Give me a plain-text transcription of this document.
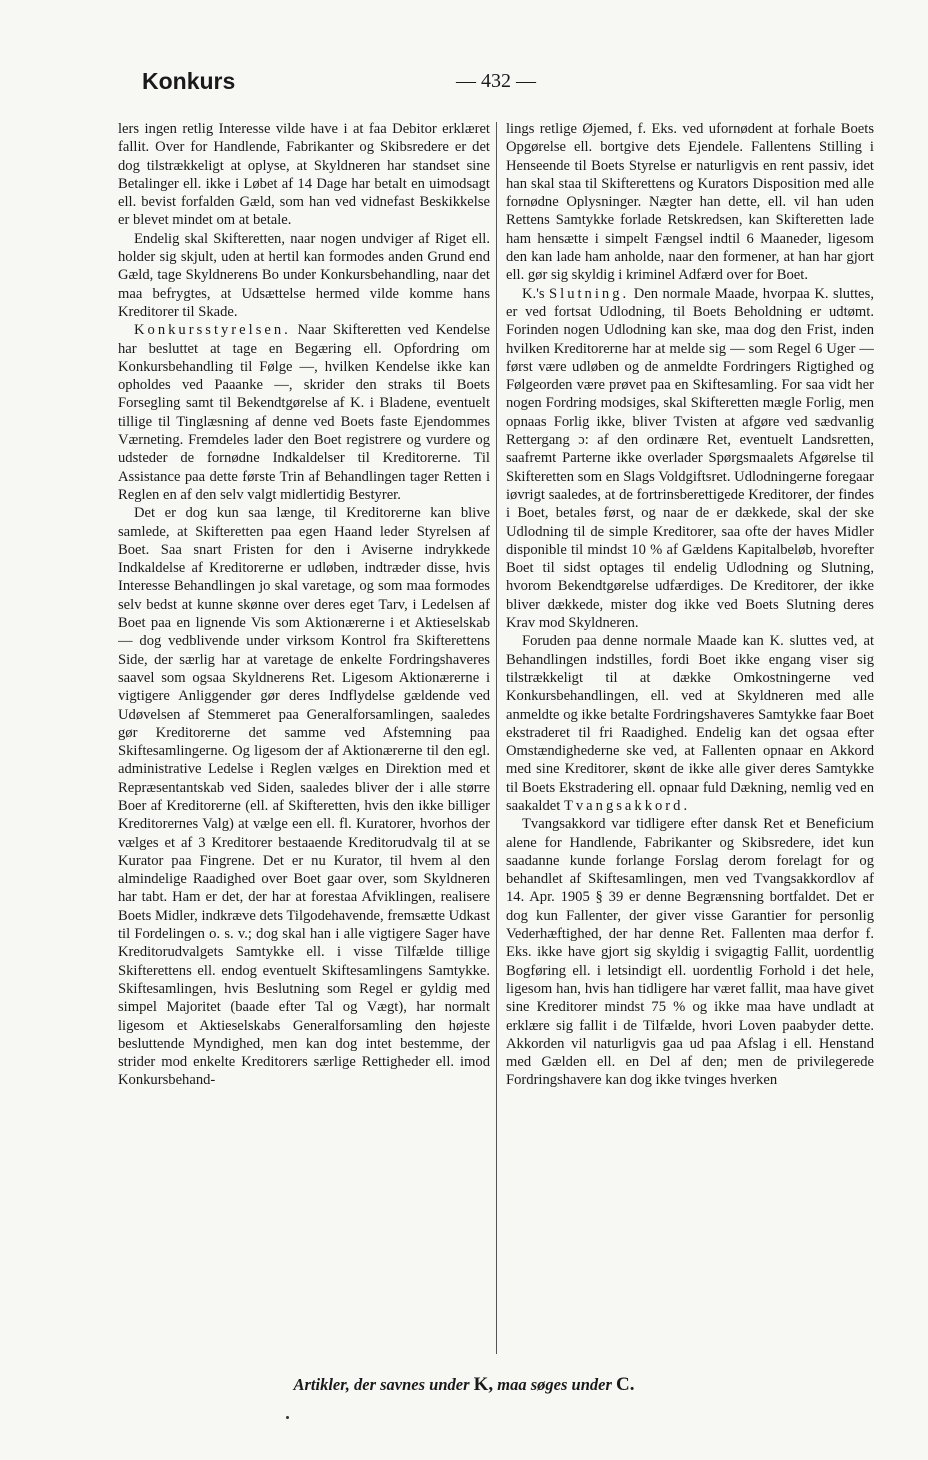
Konkurs	— 432 —

lers ingen retlig Interesse vilde have i at faa Debitor erklæret fallit. Over for Handlende, Fabrikanter og Skibsredere er det dog tilstrækkeligt at oplyse, at Skyldneren har standset sine Betalinger ell. ikke i Løbet af 14 Dage har betalt en uimodsagt ell. bevist forfalden Gæld, som han ved vidnefast Beskikkelse er blevet mindet om at betale.

Endelig skal Skifteretten, naar nogen undviger af Riget ell. holder sig skjult, uden at hertil kan formodes anden Grund end Gæld, tage Skyldnerens Bo under Konkursbehandling, naar det maa befrygtes, at Udsættelse hermed vilde komme hans Kreditorer til Skade.

Konkursstyrelsen. Naar Skifteretten ved Kendelse har besluttet at tage en Begæring ell. Opfordring om Konkursbehandling til Følge —, hvilken Kendelse ikke kan opholdes ved Paaanke —, skrider den straks til Boets Forsegling samt til Bekendtgørelse af K. i Bladene, eventuelt tillige til Tinglæsning af denne ved Boets faste Ejendommes Værneting. Fremdeles lader den Boet registrere og vurdere og udsteder de fornødne Indkaldelser til Kreditorerne. Til Assistance paa dette første Trin af Behandlingen tager Retten i Reglen en af den selv valgt midlertidig Bestyrer.

Det er dog kun saa længe, til Kreditorerne kan blive samlede, at Skifteretten paa egen Haand leder Styrelsen af Boet. Saa snart Fristen for den i Aviserne indrykkede Indkaldelse af Kreditorerne er udløben, indtræder disse, hvis Interesse Behandlingen jo skal varetage, og som maa formodes selv bedst at kunne skønne over deres eget Tarv, i Ledelsen af Boet paa en lignende Vis som Aktionærerne i et Aktieselskab — dog vedblivende under virksom Kontrol fra Skifterettens Side, der særlig har at varetage de enkelte Fordringshaveres saavel som ogsaa Skyldnerens Ret. Ligesom Aktionærerne i vigtigere Anliggender gør deres Indflydelse gældende ved Udøvelsen af Stemmeret paa Generalforsamlingen, saaledes gør Kreditorerne det samme ved Afstemning paa Skiftesamlingerne. Og ligesom der af Aktionærerne til den egl. administrative Ledelse i Reglen vælges en Direktion med et Repræsentantskab ved Siden, saaledes bliver der i alle større Boer af Kreditorerne (ell. af Skifteretten, hvis den ikke billiger Kreditorernes Valg) at vælge een ell. fl. Kuratorer, hvorhos der vælges et af 3 Kreditorer bestaaende Kreditorudvalg til at se Kurator paa Fingrene. Det er nu Kurator, til hvem al den almindelige Raadighed over Boet gaar over, som Skyldneren har tabt. Ham er det, der har at forestaa Afviklingen, realisere Boets Midler, indkræve dets Tilgodehavende, fremsætte Udkast til Fordelingen o. s. v.; dog skal han i alle vigtigere Sager have Kreditorudvalgets Samtykke ell. i visse Tilfælde tillige Skifterettens ell. endog eventuelt Skiftesamlingens Samtykke. Skiftesamlingen, hvis Beslutning som Regel er gyldig med simpel Majoritet (baade efter Tal og Vægt), har normalt ligesom et Aktieselskabs Generalforsamling den højeste besluttende Myndighed, men kan dog intet bestemme, der strider mod enkelte Kreditorers særlige Rettigheder ell. imod Konkursbehand-

lings retlige Øjemed, f. Eks. ved ufornødent at forhale Boets Opgørelse ell. bortgive dets Ejendele. Fallentens Stilling i Henseende til Boets Styrelse er naturligvis en rent passiv, idet han skal staa til Skifterettens og Kurators Disposition med alle fornødne Oplysninger. Nægter han dette, ell. vil han uden Rettens Samtykke forlade Retskredsen, kan Skifteretten lade ham hensætte i simpelt Fængsel indtil 6 Maaneder, ligesom den kan lade ham anholde, naar den formener, at han har gjort ell. gør sig skyldig i kriminel Adfærd over for Boet.

K.'s Slutning. Den normale Maade, hvorpaa K. sluttes, er ved fortsat Udlodning, til Boets Beholdning er udtømt. Forinden nogen Udlodning kan ske, maa dog den Frist, inden hvilken Kreditorerne har at melde sig — som Regel 6 Uger — først være udløben og de anmeldte Fordringers Rigtighed og Følgeorden være prøvet paa en Skiftesamling. For saa vidt her nogen Fordring modsiges, skal Skifteretten mægle Forlig, men opnaas Forlig ikke, bliver Tvisten at afgøre ved sædvanlig Rettergang ɔ: af den ordinære Ret, eventuelt Landsretten, saafremt Parterne ikke overlader Spørgsmaalets Afgørelse til Skifteretten som en Slags Voldgiftsret. Udlodningerne foregaar iøvrigt saaledes, at de fortrinsberettigede Kreditorer, der findes i Boet, betales først, og naar de er dækkede, skal der ske Udlodning til de simple Kreditorer, saa ofte der haves Midler disponible til mindst 10 % af Gældens Kapitalbeløb, hvorefter Boet til sidst optages til endelig Udlodning og Slutning, hvorom Bekendtgørelse udfærdiges. De Kreditorer, der ikke bliver dækkede, mister dog ikke ved Boets Slutning deres Krav mod Skyldneren.

Foruden paa denne normale Maade kan K. sluttes ved, at Behandlingen indstilles, fordi Boet ikke engang viser sig tilstrækkeligt til at dække Omkostningerne ved Konkursbehandlingen, ell. ved at Skyldneren med alle anmeldte og ikke betalte Fordringshaveres Samtykke faar Boet ekstraderet til fri Raadighed. Endelig kan det ogsaa efter Omstændighederne ske ved, at Fallenten opnaar en Akkord med sine Kreditorer, skønt de ikke alle giver deres Samtykke til Boets Ekstradering ell. opnaar fuld Dækning, nemlig ved en saakaldet Tvangsakkord.

Tvangsakkord var tidligere efter dansk Ret et Beneficium alene for Handlende, Fabrikanter og Skibsredere, idet kun saadanne kunde forlange Forslag derom forelagt for og behandlet af Skiftesamlingen, men ved Tvangsakkordlov af 14. Apr. 1905 § 39 er denne Begrænsning bortfaldet. Det er dog kun Fallenter, der giver visse Garantier for personlig Vederhæftighed, der har denne Ret. Fallenten maa derfor f. Eks. ikke have gjort sig skyldig i svigagtig Fallit, uordentlig Bogføring ell. i letsindigt ell. uordentlig Forhold i det hele, ligesom han, hvis han tidligere har været fallit, maa have givet sine Kreditorer mindst 75 % og ikke maa have undladt at erklære sig fallit i de Tilfælde, hvori Loven paabyder dette. Akkorden vil naturligvis gaa ud paa Afslag i ell. Henstand med Gælden ell. en Del af den; men de privilegerede Fordringshavere kan dog ikke tvinges hverken

Artikler, der savnes under K, maa søges under C.
